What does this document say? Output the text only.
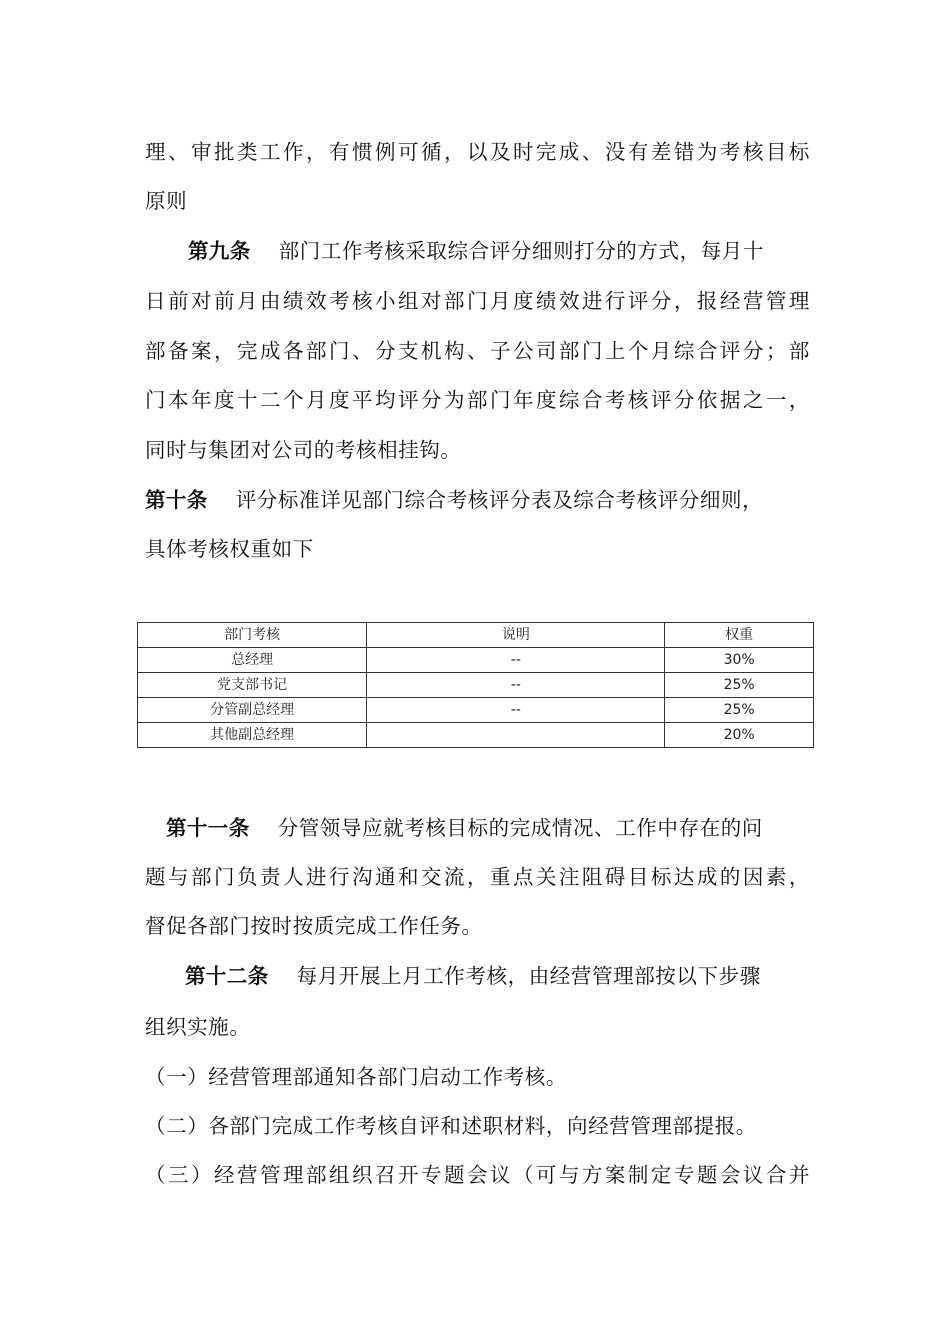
理、审批类工作，有惯例可循，以及时完成、没有差错为考核目标
原则
第九条 部门工作考核采取综合评分细则打分的方式，每月十
日前对前月由绩效考核小组对部门月度绩效进行评分，报经营管理
部备案，完成各部门、分支机构、子公司部门上个月综合评分；部
门本年度十二个月度平均评分为部门年度综合考核评分依据之一，
同时与集团对公司的考核相挂钩。
第十条 评分标准详见部门综合考核评分表及综合考核评分细则，
具体考核权重如下
部门考核	说明	权重
总经理	--	30%
党支部书记	--	25%
分管副总经理	--	25%
其他副总经理		20%
第十一条 分管领导应就考核目标的完成情况、工作中存在的问
题与部门负责人进行沟通和交流，重点关注阻碍目标达成的因素，
督促各部门按时按质完成工作任务。
第十二条 每月开展上月工作考核，由经营管理部按以下步骤
组织实施。
（一）经营管理部通知各部门启动工作考核。
（二）各部门完成工作考核自评和述职材料，向经营管理部提报。
（三）经营管理部组织召开专题会议（可与方案制定专题会议合并
